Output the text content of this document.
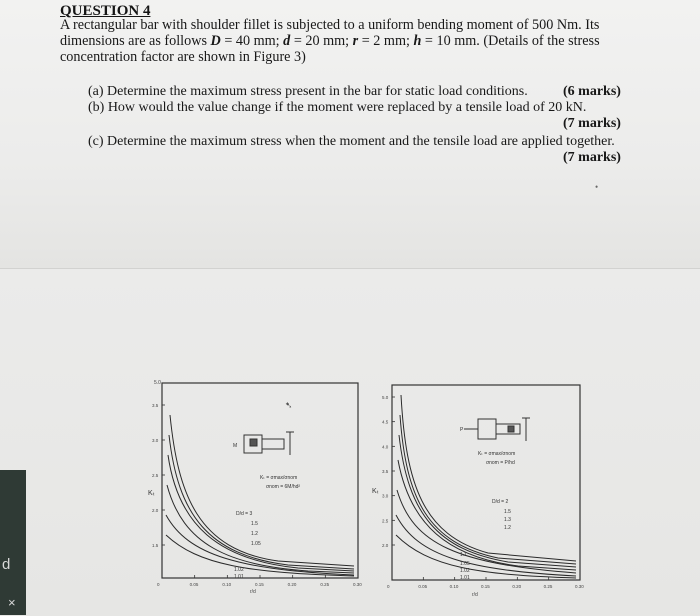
d
×
QUESTION 4

A rectangular bar with shoulder fillet is subjected to a uniform bending moment of 500 Nm. Its dimensions are as follows D = 40 mm; d = 20 mm; r = 2 mm; h = 10 mm. (Details of the stress concentration factor are shown in Figure 3)

(a) Determine the maximum stress present in the bar for static load conditions.	(6 marks)
(b) How would the value change if the moment were replaced by a tensile load of 20 kN.
(7 marks)
(c) Determine the maximum stress when the moment and the tensile load are applied together.
(7 marks)
•
5.0
3.5
3.0
2.5
2.0
1.5
Kₜ
0	0.05	0.10	0.15	0.20	0.25	0.30
r/d
M
➷
Kₜ = σmax/σnom
σnom = 6M/hd²
D/d = 3
1.5
1.2
1.05
1.02
1.01
5.0
4.5
4.0
3.5
3.0
2.5
2.0
Kₜ
0	0.05	0.10	0.15	0.20	0.25	0.30
r/d
P
Kₜ = σmax/σnom
σnom = P/hd
D/d = 2
1.5
1.3
1.2
1.1
1.05
1.02
1.01
